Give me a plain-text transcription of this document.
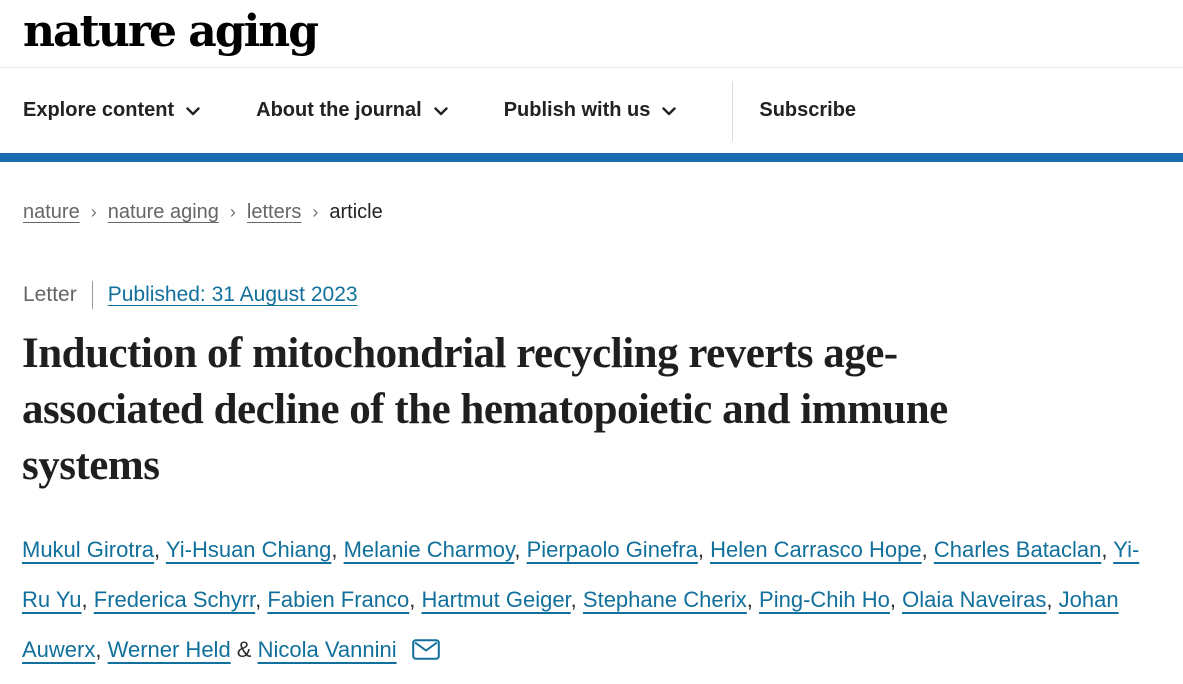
nature aging
Explore content	About the journal	Publish with us	Subscribe
nature › nature aging › letters › article
Letter Published: 31 August 2023
Induction of mitochondrial recycling reverts age-
associated decline of the hematopoietic and immune
systems

Mukul Girotra, Yi-Hsuan Chiang, Melanie Charmoy, Pierpaolo Ginefra, Helen Carrasco Hope, Charles Bataclan, Yi-Ru Yu, Frederica Schyrr, Fabien Franco, Hartmut Geiger, Stephane Cherix, Ping-Chih Ho, Olaia Naveiras, Johan Auwerx, Werner Held & Nicola Vannini
